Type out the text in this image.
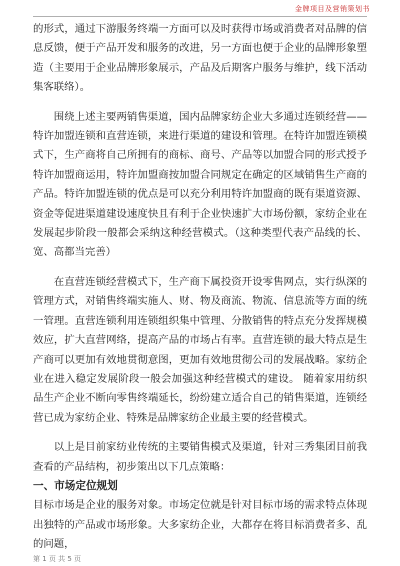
金牌项目及营销策划书

的形式，通过下游服务终端一方面可以及时获得市场或消费者对品牌的信息反馈，便于产品开发和服务的改进，另一方面也便于企业的品牌形象塑造（主要用于企业品牌形象展示，产品及后期客户服务与维护，线下活动集客联络）。

围绕上述主要两销售渠道，国内品牌家纺企业大多通过连锁经营——特许加盟连锁和直营连锁，来进行渠道的建设和管理。在特许加盟连锁模式下，生产商将自己所拥有的商标、商号、产品等以加盟合同的形式授予特许加盟商运用，特许加盟商按加盟合同规定在确定的区域销售生产商的产品。特许加盟连锁的优点是可以充分利用特许加盟商的既有渠道资源、资金等促进渠道建设速度快且有利于企业快速扩大市场份额，家纺企业在发展起步阶段一般都会采纳这种经营模式。（这种类型代表产品线的长、宽、高都当完善）

在直营连锁经营模式下，生产商下属投资开设零售网点，实行纵深的管理方式，对销售终端实施人、财、物及商流、物流、信息流等方面的统一管理。直营连锁利用连锁组织集中管理、分散销售的特点充分发挥规模效应，扩大直营网络，提高产品的市场占有率。直营连锁的最大特点是生产商可以更加有效地贯彻意图，更加有效地贯彻公司的发展战略。家纺企业在进入稳定发展阶段一般会加强这种经营模式的建设。 随着家用纺织品生产企业不断向零售终端延长，纷纷建立适合自己的销售渠道，连锁经营已成为家纺企业、特殊是品牌家纺企业最主要的经营模式。

以上是目前家纺业传统的主要销售模式及渠道，针对三秀集团目前我查看的产品结构，初步策出以下几点策略：

一、市场定位规划

目标市场是企业的服务对象。市场定位就是针对目标市场的需求特点体现出独特的产品或市场形象。大多家纺企业，大都存在将目标消费者多、乱的问题，

第 1 页 共 5 页
